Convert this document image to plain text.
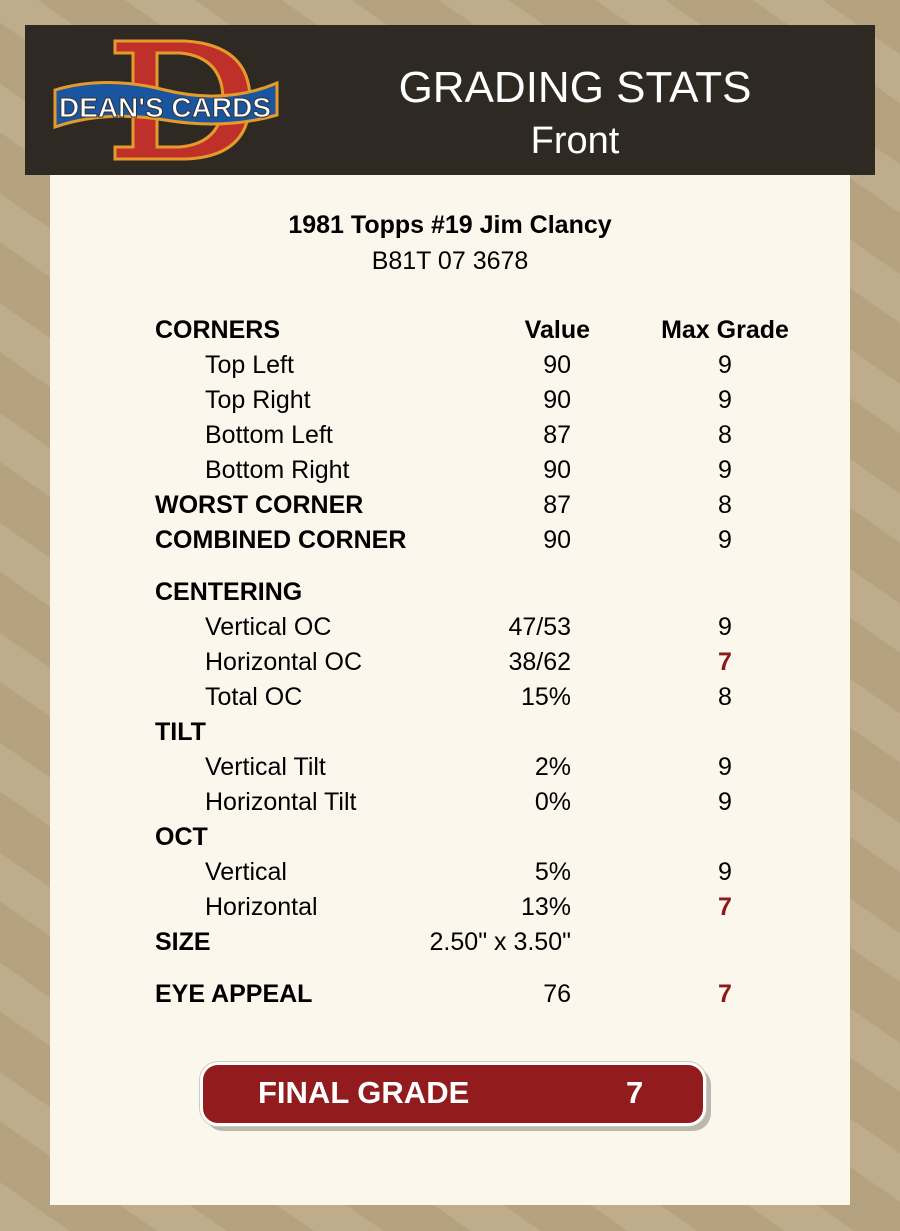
DEAN'S CARDS	GRADING STATS
Front
1981 Topps #19 Jim Clancy
B81T 07 3678
CORNERS	Value	Max Grade
Top Left	90	9
Top Right	90	9
Bottom Left	87	8
Bottom Right	90	9
WORST CORNER	87	8
COMBINED CORNER	90	9
CENTERING
Vertical OC	47/53	9
Horizontal OC	38/62	7
Total OC	15%	8
TILT
Vertical Tilt	2%	9
Horizontal Tilt	0%	9
OCT
Vertical	5%	9
Horizontal	13%	7
SIZE	2.50" x 3.50"
EYE APPEAL	76	7
FINAL GRADE	7
